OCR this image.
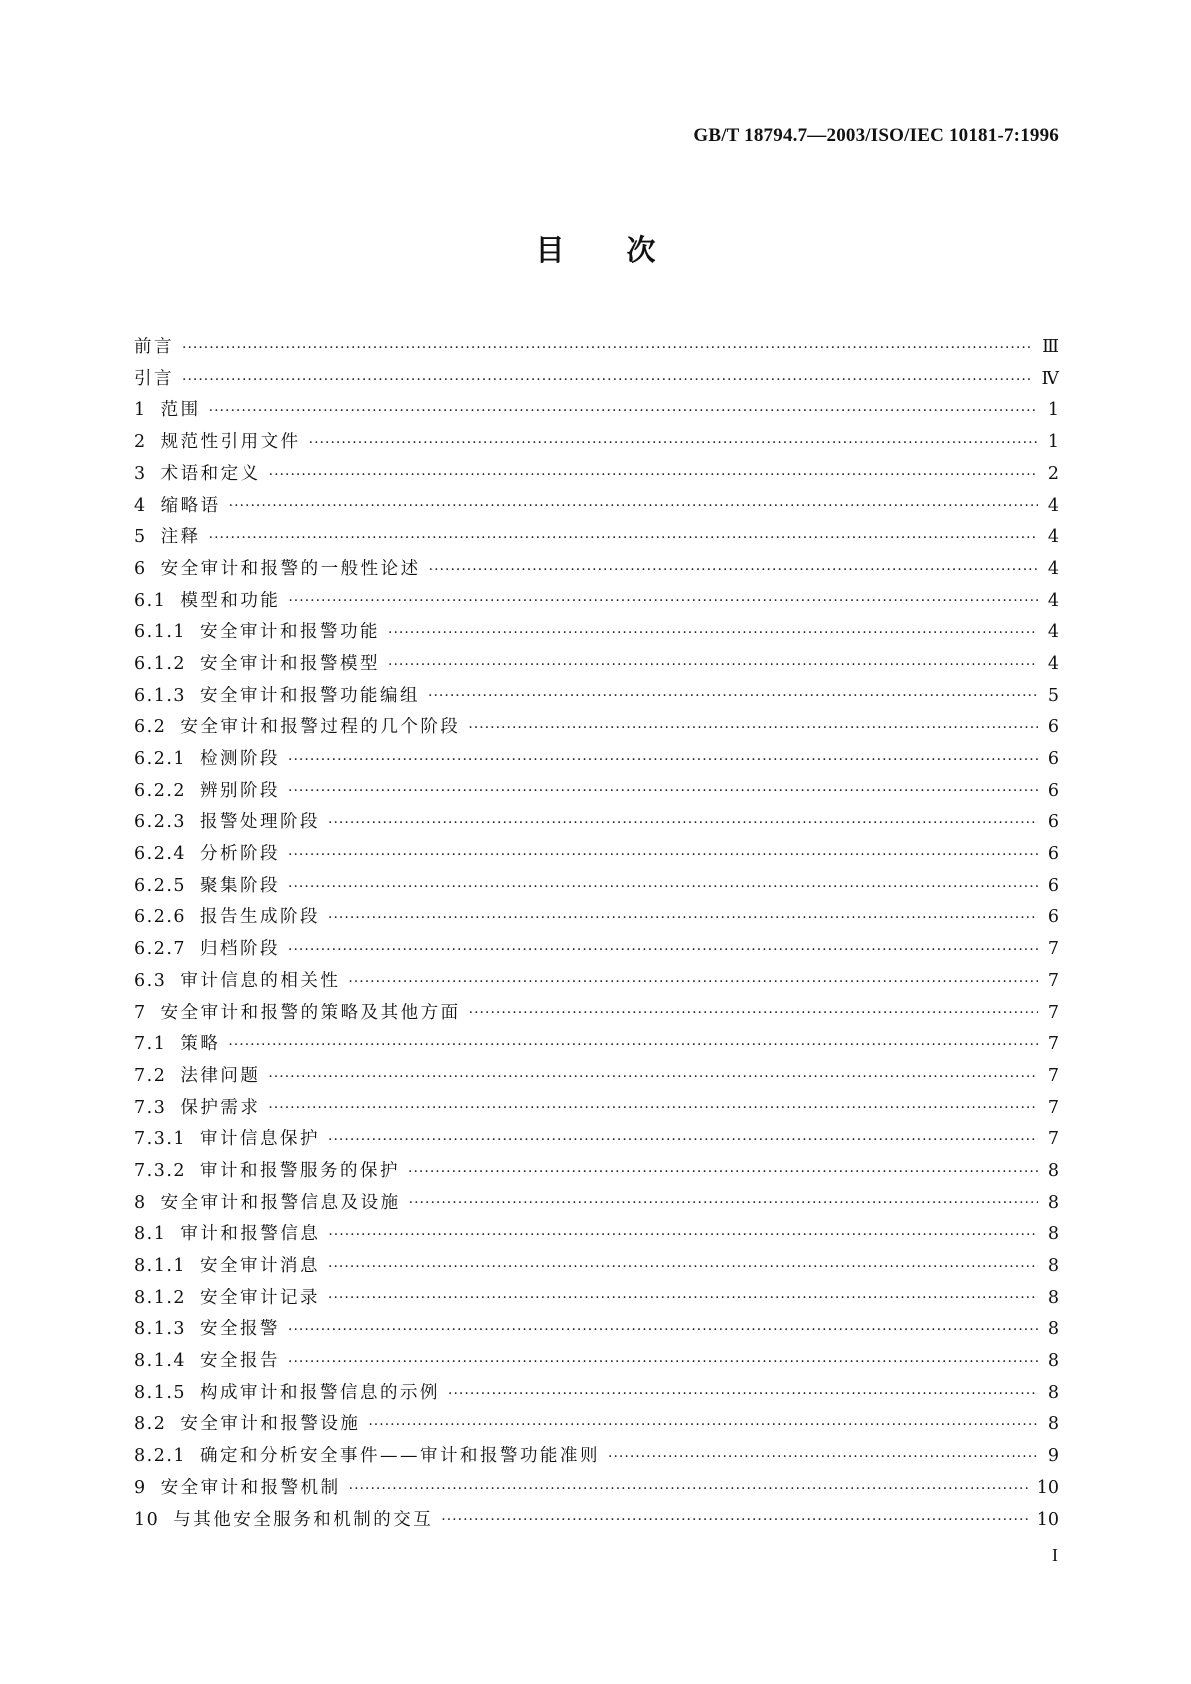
GB/T 18794.7—2003/ISO/IEC 10181-7:1996
目次
前言 ·····	Ⅲ
引言 ·····	Ⅳ
1 范围 ·····	1
2 规范性引用文件 ·····	1
3 术语和定义 ·····	2
4 缩略语 ·····	4
5 注释 ·····	4
6 安全审计和报警的一般性论述 ·····	4
6.1 模型和功能 ·····	4
6.1.1 安全审计和报警功能 ·····	4
6.1.2 安全审计和报警模型 ·····	4
6.1.3 安全审计和报警功能编组 ·····	5
6.2 安全审计和报警过程的几个阶段 ·····	6
6.2.1 检测阶段 ·····	6
6.2.2 辨别阶段 ·····	6
6.2.3 报警处理阶段 ·····	6
6.2.4 分析阶段 ·····	6
6.2.5 聚集阶段 ·····	6
6.2.6 报告生成阶段 ·····	6
6.2.7 归档阶段 ·····	7
6.3 审计信息的相关性 ·····	7
7 安全审计和报警的策略及其他方面 ·····	7
7.1 策略 ·····	7
7.2 法律问题 ·····	7
7.3 保护需求 ·····	7
7.3.1 审计信息保护 ·····	7
7.3.2 审计和报警服务的保护 ·····	8
8 安全审计和报警信息及设施 ·····	8
8.1 审计和报警信息 ·····	8
8.1.1 安全审计消息 ·····	8
8.1.2 安全审计记录 ·····	8
8.1.3 安全报警 ·····	8
8.1.4 安全报告 ·····	8
8.1.5 构成审计和报警信息的示例 ·····	8
8.2 安全审计和报警设施 ·····	8
8.2.1 确定和分析安全事件——审计和报警功能准则 ·····	9
9 安全审计和报警机制 ·····	10
10 与其他安全服务和机制的交互 ·····	10
I
